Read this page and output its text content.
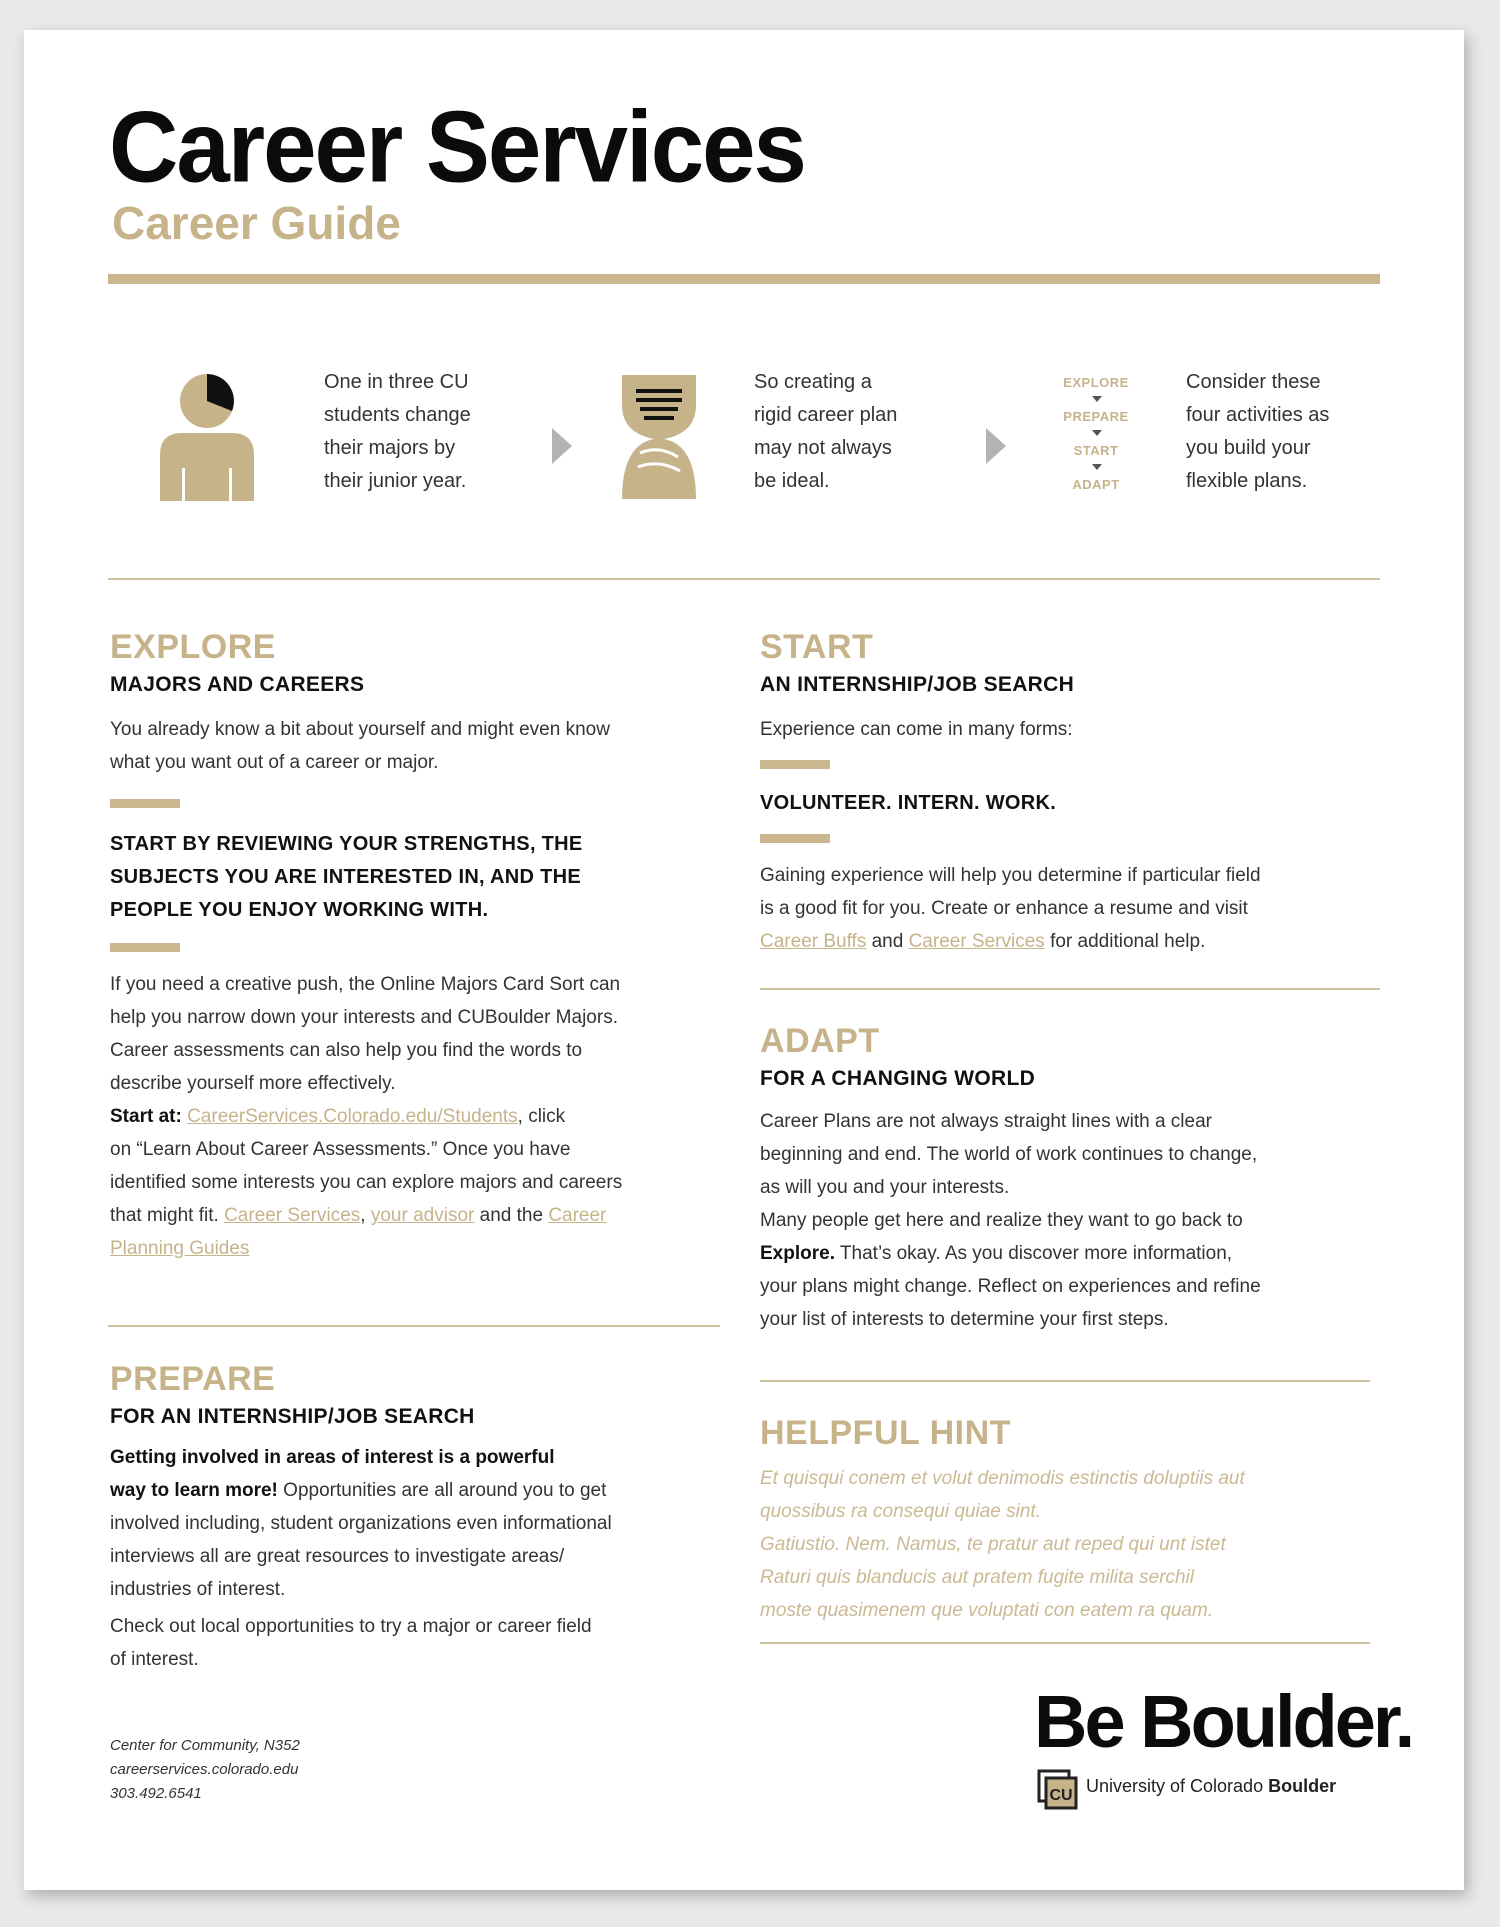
Career Services
Career Guide
One in three CU
students change
their majors by
their junior year.
So creating a
rigid career plan
may not always
be ideal.
EXPLORE
PREPARE
START
ADAPT
Consider these
four activities as
you build your
flexible plans.
EXPLORE
MAJORS AND CAREERS
You already know a bit about yourself and might even know
what you want out of a career or major.
START BY REVIEWING YOUR STRENGTHS, THE
SUBJECTS YOU ARE INTERESTED IN, AND THE
PEOPLE YOU ENJOY WORKING WITH.
If you need a creative push, the Online Majors Card Sort can
help you narrow down your interests and CUBoulder Majors.
Career assessments can also help you find the words to
describe yourself more effectively.
Start at: CareerServices.Colorado.edu/Students, click
on “Learn About Career Assessments.” Once you have
identified some interests you can explore majors and careers
that might fit. Career Services, your advisor and the Career
Planning Guides
PREPARE
FOR AN INTERNSHIP/JOB SEARCH
Getting involved in areas of interest is a powerful
way to learn more! Opportunities are all around you to get
involved including, student organizations even informational
interviews all are great resources to investigate areas/
industries of interest.
Check out local opportunities to try a major or career field
of interest.
START
AN INTERNSHIP/JOB SEARCH
Experience can come in many forms:
VOLUNTEER. INTERN. WORK.
Gaining experience will help you determine if particular field
is a good fit for you. Create or enhance a resume and visit
Career Buffs and Career Services for additional help.
ADAPT
FOR A CHANGING WORLD
Career Plans are not always straight lines with a clear
beginning and end. The world of work continues to change,
as will you and your interests.
Many people get here and realize they want to go back to
Explore. That’s okay. As you discover more information,
your plans might change. Reflect on experiences and refine
your list of interests to determine your first steps.
HELPFUL HINT
Et quisqui conem et volut denimodis estinctis doluptiis aut
quossibus ra consequi quiae sint.
Gatiustio. Nem. Namus, te pratur aut reped qui unt istet
Raturi quis blanducis aut pratem fugite milita serchil
moste quasimenem que voluptati con eatem ra quam.
Center for Community, N352
careerservices.colorado.edu
303.492.6541
Be Boulder.
CU University of Colorado Boulder
